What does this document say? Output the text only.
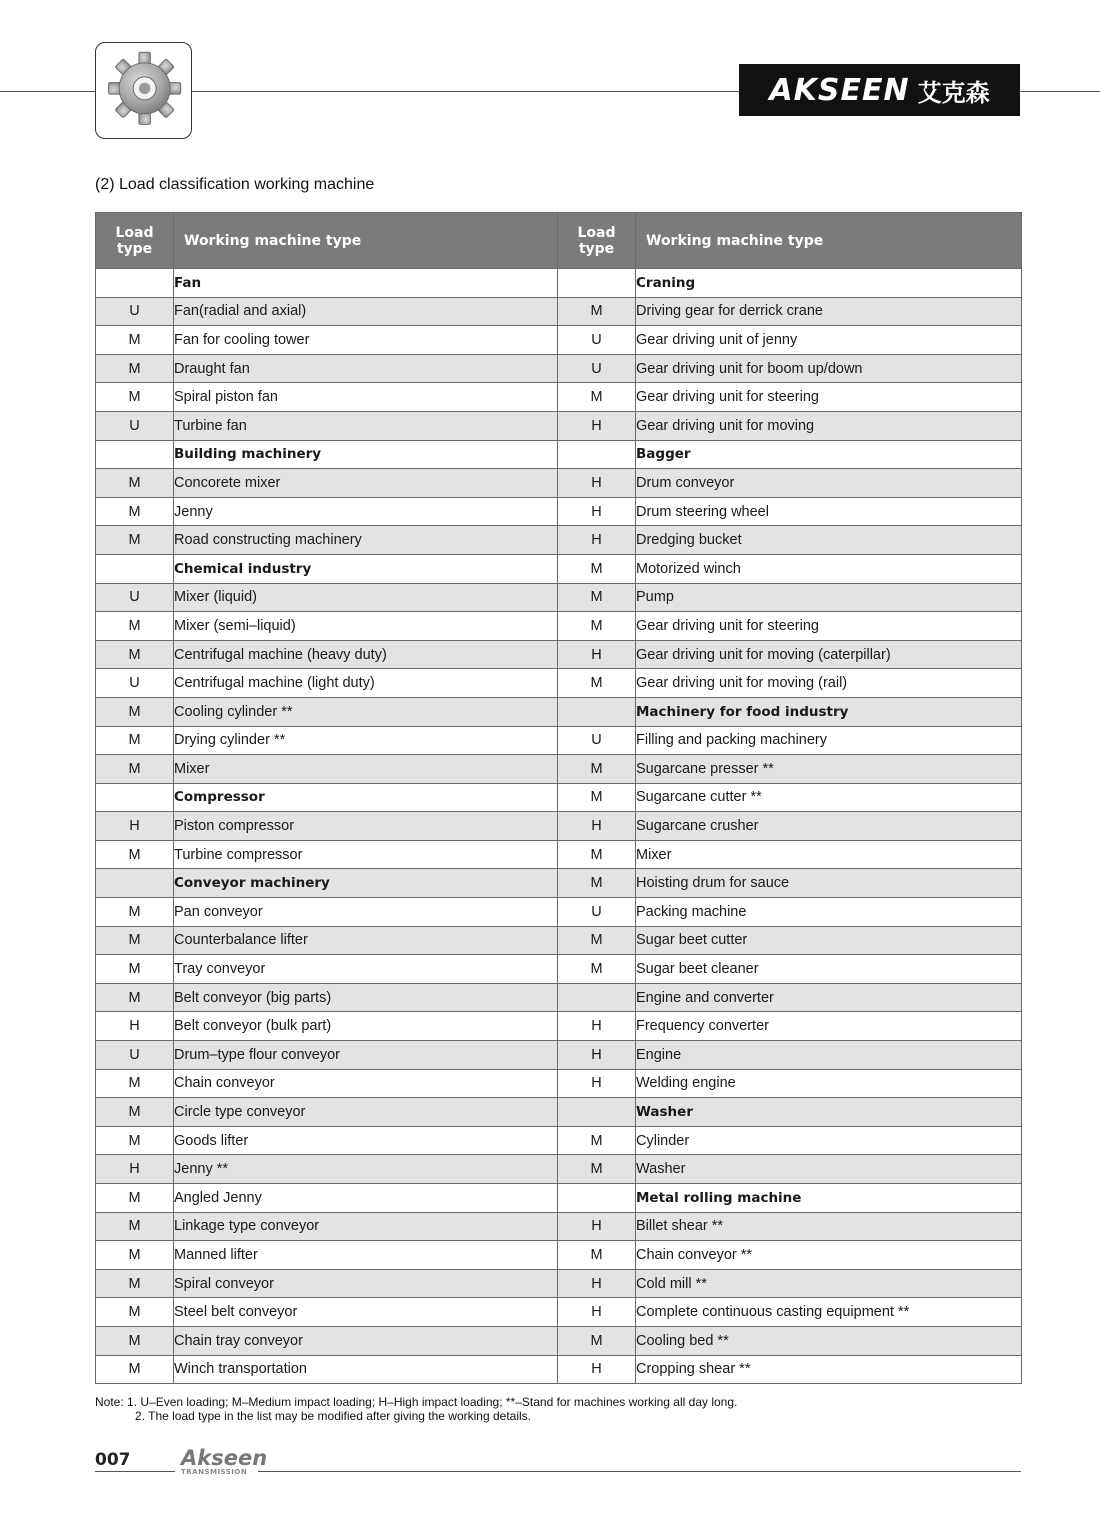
AKSEEN 艾克森
(2) Load classification working machine
Load type	Working machine type	Load type	Working machine type
	Fan		Craning
U	Fan(radial and axial)	M	Driving gear for derrick crane
M	Fan for cooling tower	U	Gear driving unit of jenny
M	Draught fan	U	Gear driving unit for boom up/down
M	Spiral piston fan	M	Gear driving unit for steering
U	Turbine fan	H	Gear driving unit for moving
	Building machinery		Bagger
M	Concorete mixer	H	Drum conveyor
M	Jenny	H	Drum steering wheel
M	Road constructing machinery	H	Dredging bucket
	Chemical industry	M	Motorized winch
U	Mixer (liquid)	M	Pump
M	Mixer (semi–liquid)	M	Gear driving unit for steering
M	Centrifugal machine (heavy duty)	H	Gear driving unit for moving (caterpillar)
U	Centrifugal machine (light duty)	M	Gear driving unit for moving (rail)
M	Cooling cylinder **		Machinery for food industry
M	Drying cylinder **	U	Filling and packing machinery
M	Mixer	M	Sugarcane presser **
	Compressor	M	Sugarcane cutter **
H	Piston compressor	H	Sugarcane crusher
M	Turbine compressor	M	Mixer
	Conveyor machinery	M	Hoisting drum for sauce
M	Pan conveyor	U	Packing machine
M	Counterbalance lifter	M	Sugar beet cutter
M	Tray conveyor	M	Sugar beet cleaner
M	Belt conveyor (big parts)		Engine and converter
H	Belt conveyor (bulk part)	H	Frequency converter
U	Drum–type flour conveyor	H	Engine
M	Chain conveyor	H	Welding engine
M	Circle type conveyor		Washer
M	Goods lifter	M	Cylinder
H	Jenny **	M	Washer
M	Angled Jenny		Metal rolling machine
M	Linkage type conveyor	H	Billet shear **
M	Manned lifter	M	Chain conveyor **
M	Spiral conveyor	H	Cold mill **
M	Steel belt conveyor	H	Complete continuous casting equipment **
M	Chain tray conveyor	M	Cooling bed **
M	Winch transportation	H	Cropping shear **
Note: 1. U–Even loading; M–Medium impact loading; H–High impact loading; **–Stand for machines working all day long.
2. The load type in the list may be modified after giving the working details.
007 Akseen
TRANSMISSION
